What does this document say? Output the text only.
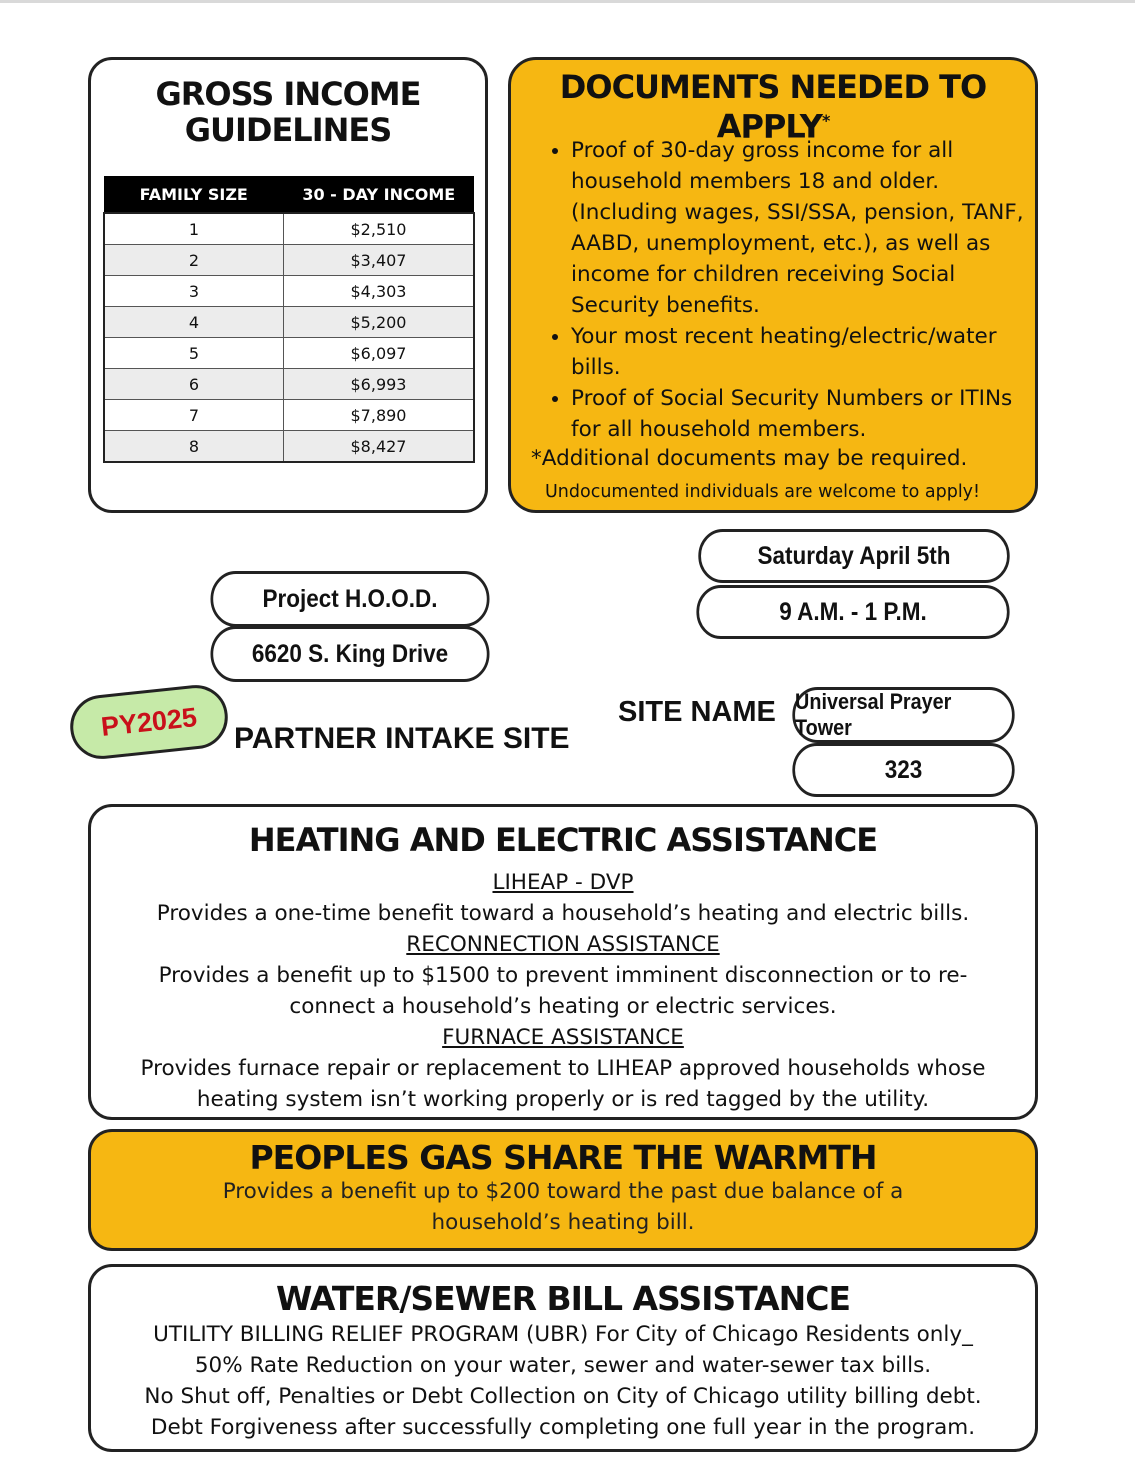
GROSS INCOME
GUIDELINES
FAMILY SIZE	30 - DAY INCOME
1	$2,510
2	$3,407
3	$4,303
4	$5,200
5	$6,097
6	$6,993
7	$7,890
8	$8,427
DOCUMENTS NEEDED TO
APPLY*
• Proof of 30-day gross income for all household members 18 and older. (Including wages, SSI/SSA, pension, TANF, AABD, unemployment, etc.), as well as income for children receiving Social Security benefits.
• Your most recent heating/electric/water bills.
• Proof of Social Security Numbers or ITINs for all household members.
*Additional documents may be required.
Undocumented individuals are welcome to apply!
Saturday April 5th
9 A.M. - 1 P.M.
Project H.O.O.D.
6620 S. King Drive
PY2025	PARTNER INTAKE SITE
SITE NAME Universal Prayer Tower
323
HEATING AND ELECTRIC ASSISTANCE
LIHEAP - DVP
Provides a one-time benefit toward a household’s heating and electric bills.
RECONNECTION ASSISTANCE
Provides a benefit up to $1500 to prevent imminent disconnection or to re-
connect a household’s heating or electric services.
FURNACE ASSISTANCE
Provides furnace repair or replacement to LIHEAP approved households whose
heating system isn’t working properly or is red tagged by the utility.
PEOPLES GAS SHARE THE WARMTH
Provides a benefit up to $200 toward the past due balance of a
household’s heating bill.
WATER/SEWER BILL ASSISTANCE
UTILITY BILLING RELIEF PROGRAM (UBR) For City of Chicago Residents only_
50% Rate Reduction on your water, sewer and water-sewer tax bills.
No Shut off, Penalties or Debt Collection on City of Chicago utility billing debt.
Debt Forgiveness after successfully completing one full year in the program.
